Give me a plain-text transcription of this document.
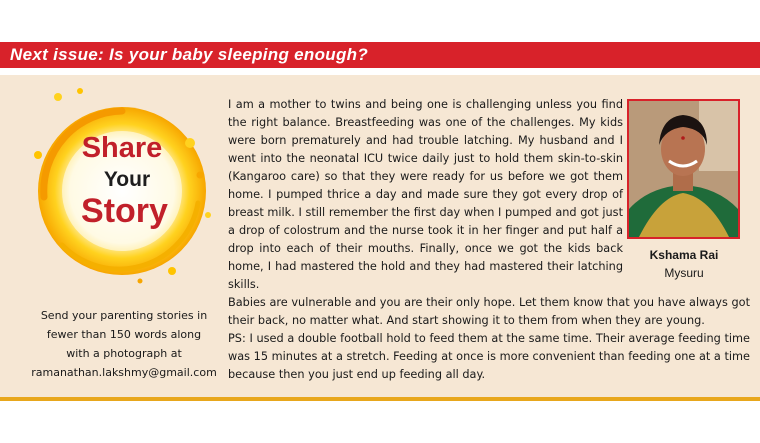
Next issue: Is your baby sleeping enough?
Share
Your
Story
Send your parenting stories in
fewer than 150 words along
with a photograph at
ramanathan.lakshmy@gmail.com

I am a mother to twins and being one is challenging unless you find the right balance. Breastfeeding was one of the challenges. My kids were born prematurely and had trouble latching. My husband and I went into the neonatal ICU twice daily just to hold them skin-to-skin (Kangaroo care) so that they were ready for us before we got them home. I pumped thrice a day and made sure they got every drop of breast milk. I still remember the first day when I pumped and got just a drop of colostrum and the nurse took it in her finger and put half a drop into each of their mouths. Finally, once we got the kids back home, I had mastered the hold and they had mastered their latching skills.

Babies are vulnerable and you are their only hope. Let them know that you have always got their back, no matter what. And start showing it to them from when they are young.

PS: I used a double football hold to feed them at the same time. Their average feeding time was 15 minutes at a stretch. Feeding at once is more convenient than feeding one at a time because then you just end up feeding all day.

Kshama Rai
Mysuru
